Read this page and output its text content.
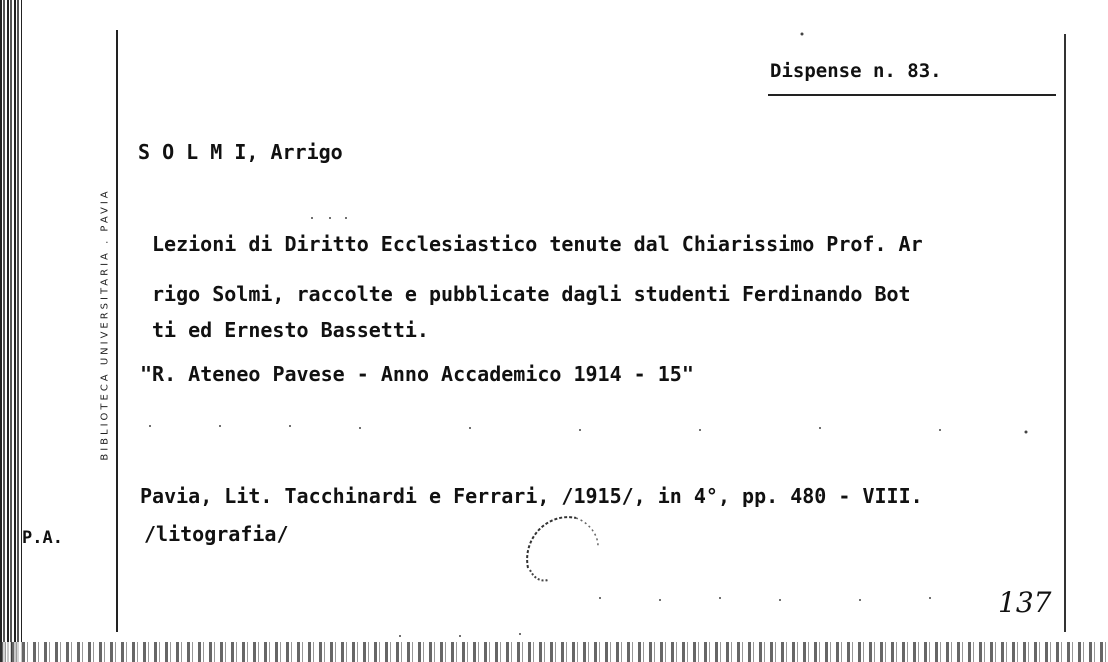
BIBLIOTECA UNIVERSITARIA . PAVIA
Dispense n. 83.
S O L M I, Arrigo
Lezioni di Diritto Ecclesiastico tenute dal Chiarissimo Prof. Ar
rigo Solmi, raccolte e pubblicate dagli studenti Ferdinando Bot
ti ed Ernesto Bassetti.
"R. Ateneo Pavese - Anno Accademico 1914 - 15"
Pavia, Lit. Tacchinardi e Ferrari, /1915/, in 4°, pp. 480 - VIII.
/litografia/
P.A.
137
